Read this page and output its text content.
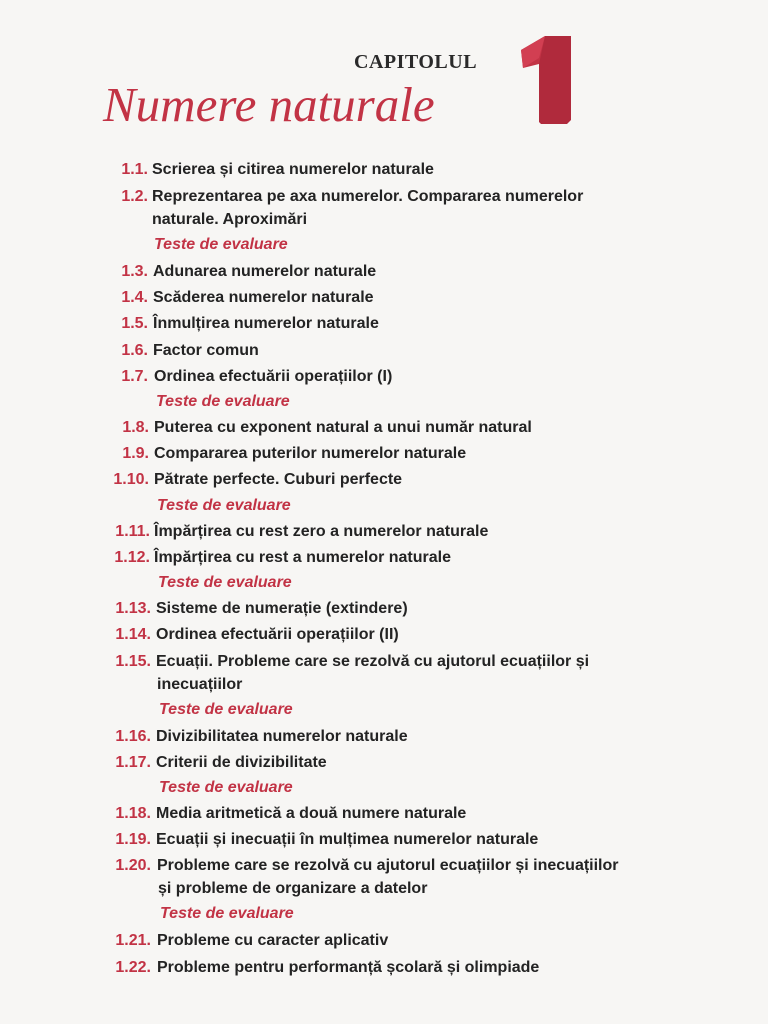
CAPITOLUL
Numere naturale
1.1. Scrierea și citirea numerelor naturale
1.2. Reprezentarea pe axa numerelor. Compararea numerelor
naturale. Aproximări
Teste de evaluare
1.3. Adunarea numerelor naturale
1.4. Scăderea numerelor naturale
1.5. Înmulțirea numerelor naturale
1.6. Factor comun
1.7. Ordinea efectuării operațiilor (I)
Teste de evaluare
1.8. Puterea cu exponent natural a unui număr natural
1.9. Compararea puterilor numerelor naturale
1.10. Pătrate perfecte. Cuburi perfecte
Teste de evaluare
1.11. Împărțirea cu rest zero a numerelor naturale
1.12. Împărțirea cu rest a numerelor naturale
Teste de evaluare
1.13. Sisteme de numerație (extindere)
1.14. Ordinea efectuării operațiilor (II)
1.15. Ecuații. Probleme care se rezolvă cu ajutorul ecuațiilor și
inecuațiilor
Teste de evaluare
1.16. Divizibilitatea numerelor naturale
1.17. Criterii de divizibilitate
Teste de evaluare
1.18. Media aritmetică a două numere naturale
1.19. Ecuații și inecuații în mulțimea numerelor naturale
1.20. Probleme care se rezolvă cu ajutorul ecuațiilor și inecuațiilor
și probleme de organizare a datelor
Teste de evaluare
1.21. Probleme cu caracter aplicativ
1.22. Probleme pentru performanță școlară și olimpiade
